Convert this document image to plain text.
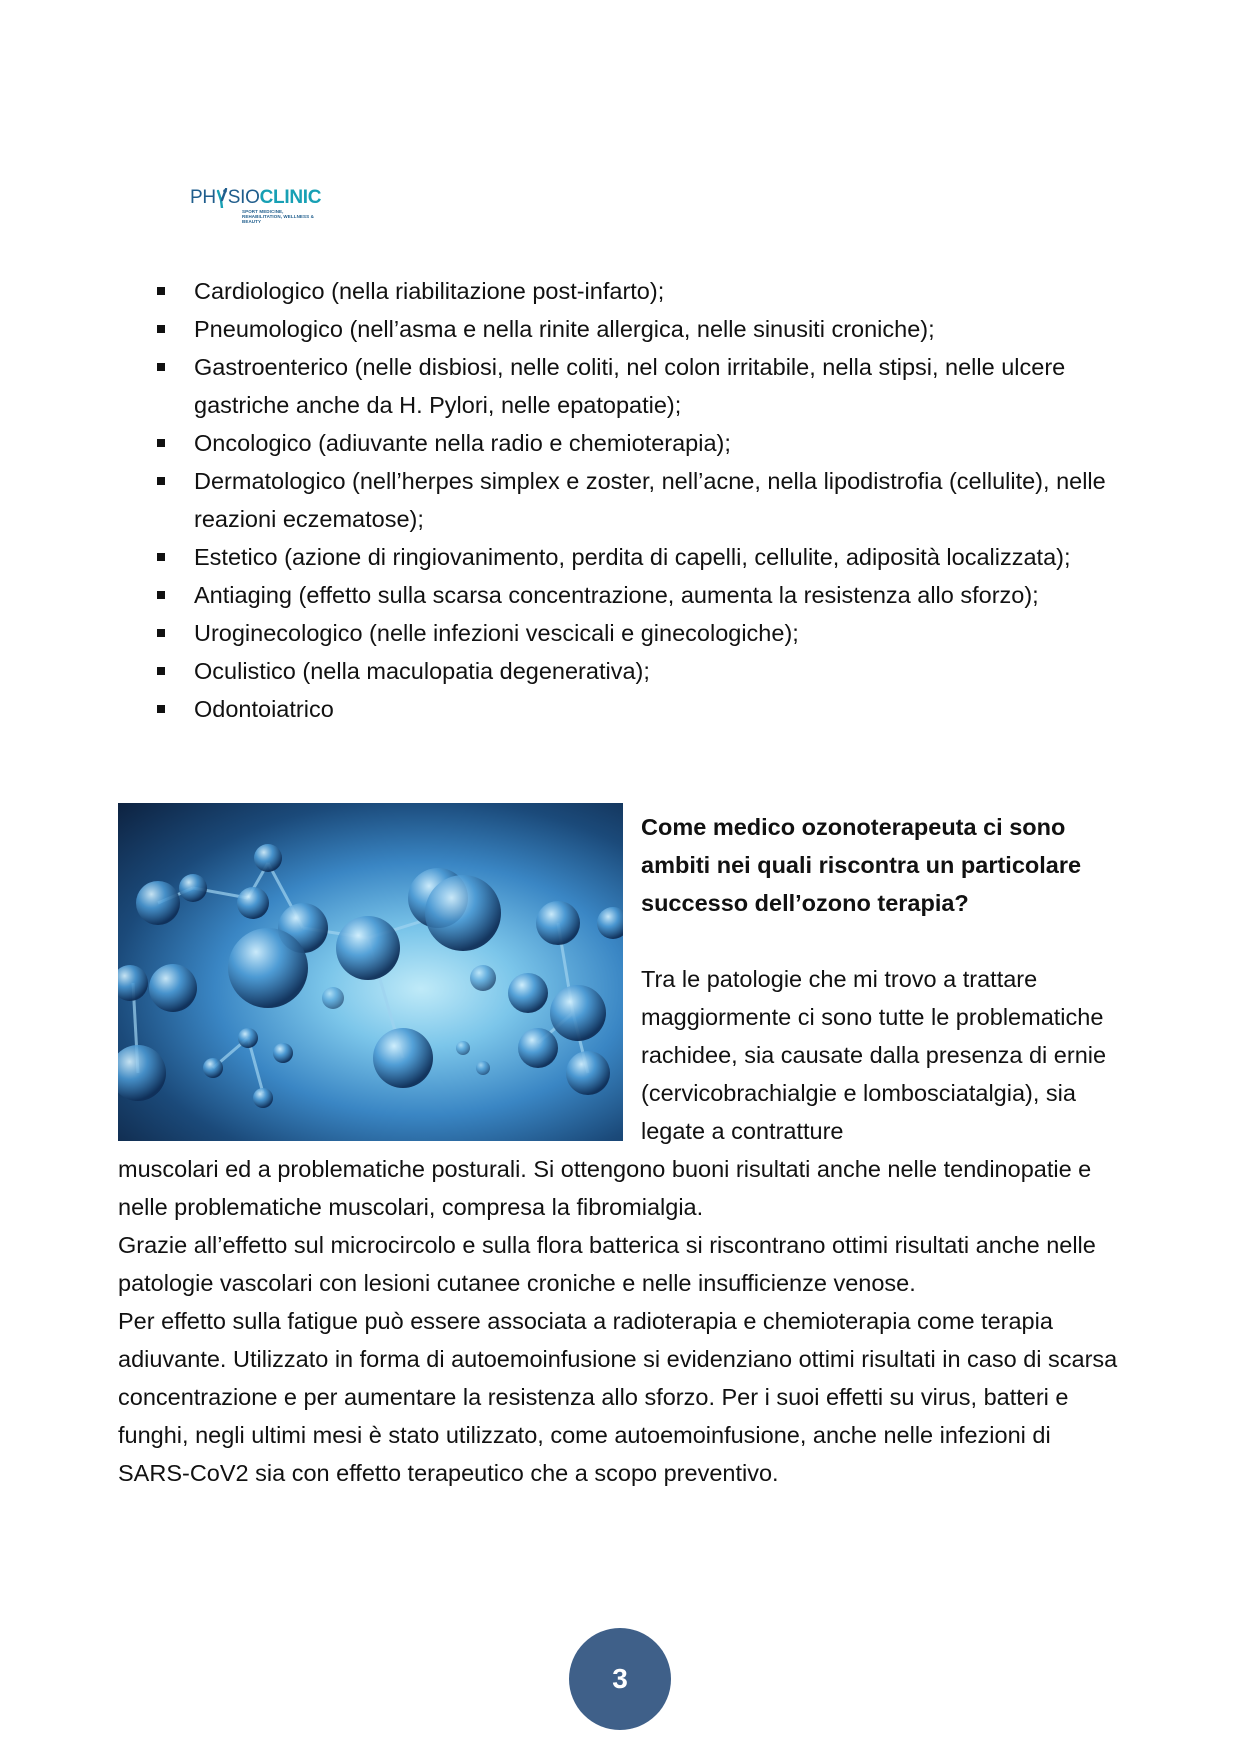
PH SIOCLINIC
SPORT MEDICINE, REHABILITATION, WELLNESS & BEAUTY
Cardiologico (nella riabilitazione post-infarto);
Pneumologico (nell’asma e nella rinite allergica, nelle sinusiti croniche);
Gastroenterico (nelle disbiosi, nelle coliti, nel colon irritabile, nella stipsi, nelle ulcere gastriche anche da H. Pylori, nelle epatopatie);
Oncologico (adiuvante nella radio e chemioterapia);
Dermatologico (nell’herpes simplex e zoster, nell’acne, nella lipodistrofia (cellulite), nelle reazioni eczematose);
Estetico (azione di ringiovanimento, perdita di capelli, cellulite, adiposità localizzata);
Antiaging (effetto sulla scarsa concentrazione, aumenta la resistenza allo sforzo);
Uroginecologico (nelle infezioni vescicali e ginecologiche);
Oculistico (nella maculopatia degenerativa);
Odontoiatrico

Come medico ozonoterapeuta ci sono ambiti nei quali riscontra un particolare successo dell’ozono terapia?

Tra le patologie che mi trovo a trattare maggiormente ci sono tutte le problematiche rachidee, sia causate dalla presenza di ernie (cervicobrachialgie e lombosciatalgia), sia legate a contratture

muscolari ed a problematiche posturali. Si ottengono buoni risultati anche nelle tendinopatie e nelle problematiche muscolari, compresa la fibromialgia.

Grazie all’effetto sul microcircolo e sulla flora batterica si riscontrano ottimi risultati anche nelle patologie vascolari con lesioni cutanee croniche e nelle insufficienze venose.

Per effetto sulla fatigue può essere associata a radioterapia e chemioterapia come terapia adiuvante. Utilizzato in forma di autoemoinfusione si evidenziano ottimi risultati in caso di scarsa concentrazione e per aumentare la resistenza allo sforzo. Per i suoi effetti su virus, batteri e funghi, negli ultimi mesi è stato utilizzato, come autoemoinfusione, anche nelle infezioni di SARS-CoV2 sia con effetto terapeutico che a scopo preventivo.

3
